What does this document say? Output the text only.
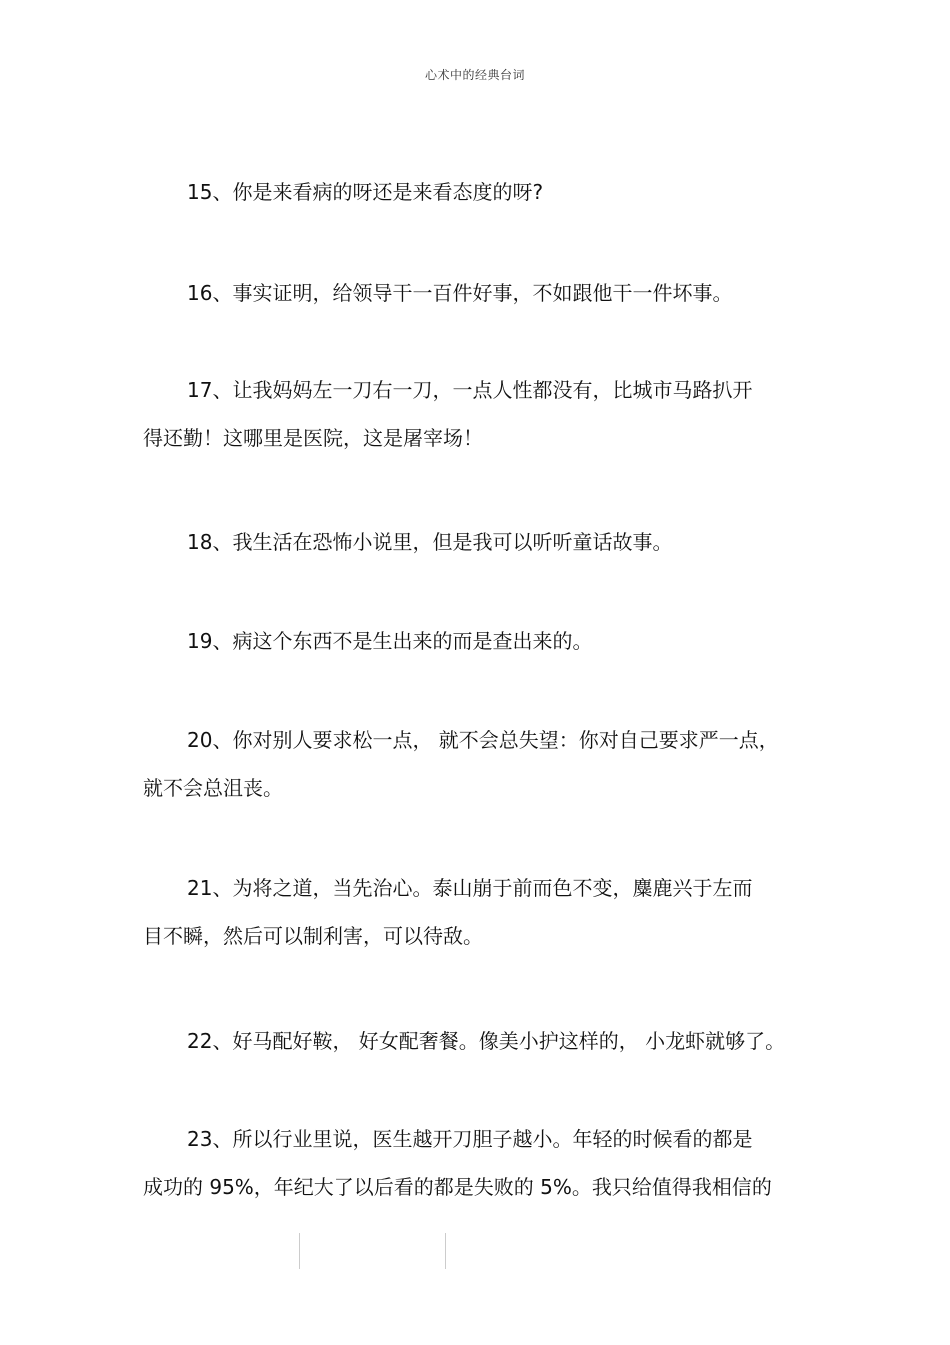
心术中的经典台词
15、你是来看病的呀还是来看态度的呀?
16、事实证明，给领导干一百件好事，不如跟他干一件坏事。
17、让我妈妈左一刀右一刀，一点人性都没有，比城市马路扒开
得还勤！这哪里是医院，这是屠宰场！
18、我生活在恐怖小说里，但是我可以听听童话故事。
19、病这个东西不是生出来的而是查出来的。
20、你对别人要求松一点， 就不会总失望：你对自己要求严一点，
就不会总沮丧。
21、为将之道，当先治心。泰山崩于前而色不变，麋鹿兴于左而
目不瞬，然后可以制利害，可以待敌。
22、好马配好鞍， 好女配奢餐。像美小护这样的， 小龙虾就够了。
23、所以行业里说，医生越开刀胆子越小。年轻的时候看的都是
成功的 95%，年纪大了以后看的都是失败的 5%。我只给值得我相信的
